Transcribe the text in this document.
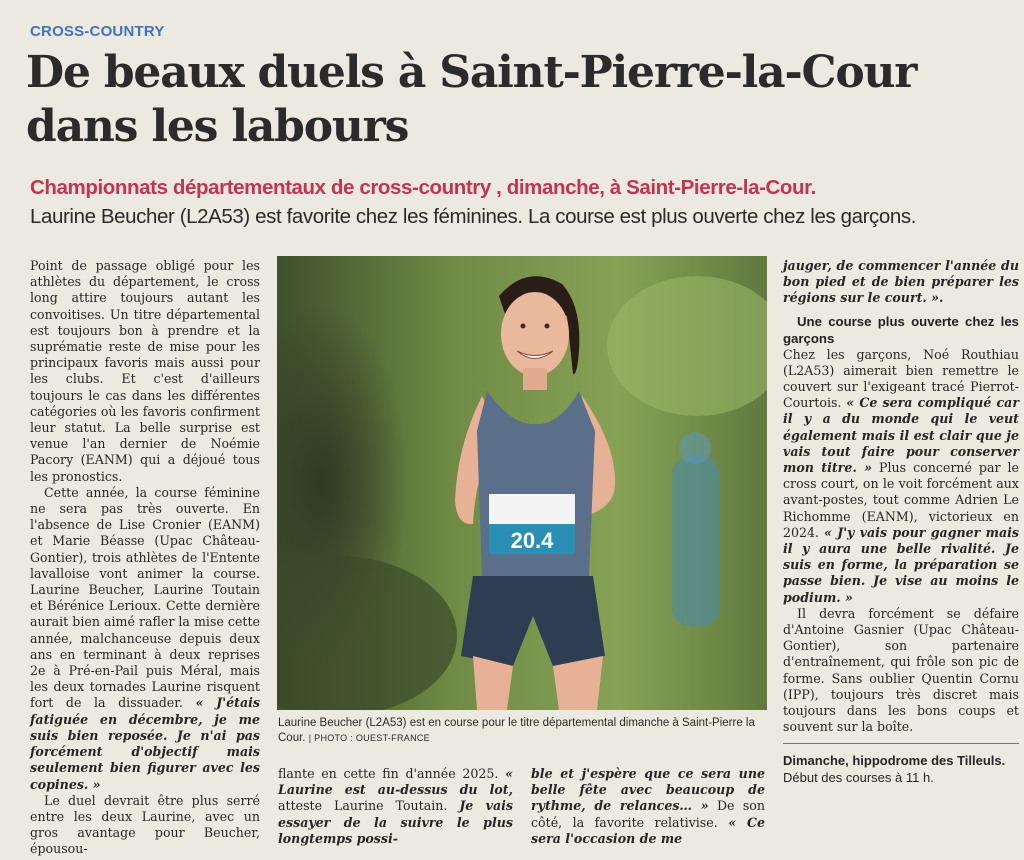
CROSS-COUNTRY
De beaux duels à Saint-Pierre-la-Cour dans les labours
Championnats départementaux de cross-country , dimanche, à Saint-Pierre-la-Cour.
Laurine Beucher (L2A53) est favorite chez les féminines. La course est plus ouverte chez les garçons.

Point de passage obligé pour les athlètes du département, le cross long attire toujours autant les convoitises. Un titre départemental est toujours bon à prendre et la suprématie reste de mise pour les principaux favoris mais aussi pour les clubs. Et c'est d'ailleurs toujours le cas dans les différentes catégories où les favoris confirment leur statut. La belle surprise est venue l'an dernier de Noémie Pacory (EANM) qui a déjoué tous les pronostics.

Cette année, la course féminine ne sera pas très ouverte. En l'absence de Lise Cronier (EANM) et Marie Béasse (Upac Château-Gontier), trois athlètes de l'Entente lavalloise vont animer la course. Laurine Beucher, Laurine Toutain et Bérénice Lerioux. Cette dernière aurait bien aimé rafler la mise cette année, malchanceuse depuis deux ans en terminant à deux reprises 2e à Pré-en-Pail puis Méral, mais les deux tornades Laurine risquent fort de la dissuader. « J'étais fatiguée en décembre, je me suis bien reposée. Je n'ai pas forcément d'objectif mais seulement bien figurer avec les copines. »

Le duel devrait être plus serré entre les deux Laurine, avec un gros avantage pour Beucher, épousou-

20.4
Laurine Beucher (L2A53) est en course pour le titre départemental dimanche à Saint-Pierre la Cour. | PHOTO : OUEST-FRANCE

flante en cette fin d'année 2025. « Laurine est au-dessus du lot, atteste Laurine Toutain. Je vais essayer de la suivre le plus longtemps possi-

ble et j'espère que ce sera une belle fête avec beaucoup de rythme, de relances… » De son côté, la favorite relativise. « Ce sera l'occasion de me

jauger, de commencer l'année du bon pied et de bien préparer les régions sur le court. ».

Une course plus ouverte chez les garçons

Chez les garçons, Noé Routhiau (L2A53) aimerait bien remettre le couvert sur l'exigeant tracé Pierrot-Courtois. « Ce sera compliqué car il y a du monde qui le veut également mais il est clair que je vais tout faire pour conserver mon titre. » Plus concerné par le cross court, on le voit forcément aux avant-postes, tout comme Adrien Le Richomme (EANM), victorieux en 2024. « J'y vais pour gagner mais il y aura une belle rivalité. Je suis en forme, la préparation se passe bien. Je vise au moins le podium. »

Il devra forcément se défaire d'Antoine Gasnier (Upac Château-Gontier), son partenaire d'entraînement, qui frôle son pic de forme. Sans oublier Quentin Cornu (IPP), toujours très discret mais toujours dans les bons coups et souvent sur la boîte.

Dimanche, hippodrome des Tilleuls. Début des courses à 11 h.
